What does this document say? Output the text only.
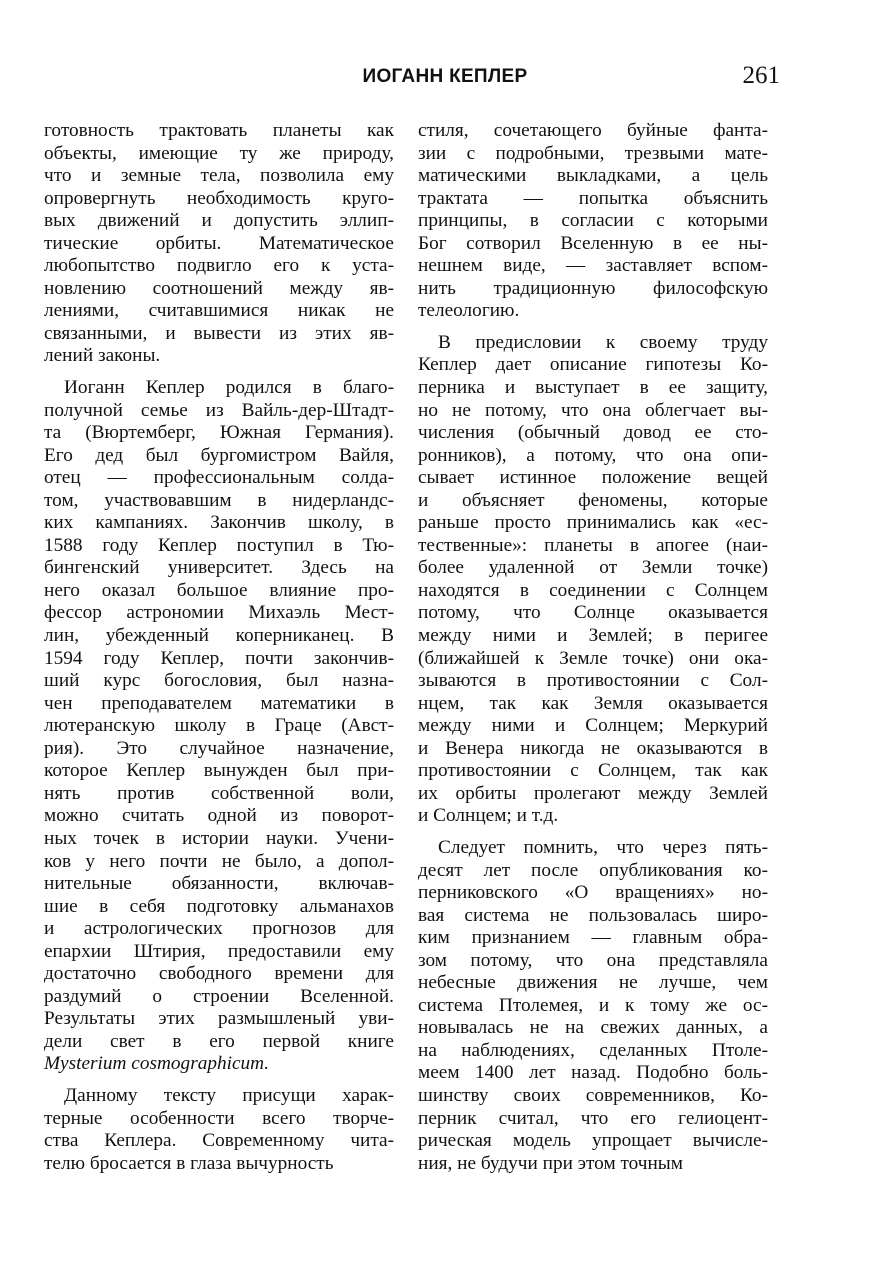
ИОГАНН КЕПЛЕР	261
готовность трактовать планеты как
объекты, имеющие ту же природу,
что и земные тела, позволила ему
опровергнуть необходимость круго-
вых движений и допустить эллип-
тические орбиты. Математическое
любопытство подвигло его к уста-
новлению соотношений между яв-
лениями, считавшимися никак не
связанными, и вывести из этих яв-
лений законы.
Иоганн Кеплер родился в благо-
получной семье из Вайль-дер-Штадт-
та (Вюртемберг, Южная Германия).
Его дед был бургомистром Вайля,
отец — профессиональным солда-
том, участвовавшим в нидерландс-
ких кампаниях. Закончив школу, в
1588 году Кеплер поступил в Тю-
бингенский университет. Здесь на
него оказал большое влияние про-
фессор астрономии Михаэль Мест-
лин, убежденный коперниканец. В
1594 году Кеплер, почти закончив-
ший курс богословия, был назна-
чен преподавателем математики в
лютеранскую школу в Граце (Авст-
рия). Это случайное назначение,
которое Кеплер вынужден был при-
нять против собственной воли,
можно считать одной из поворот-
ных точек в истории науки. Учени-
ков у него почти не было, а допол-
нительные обязанности, включав-
шие в себя подготовку альманахов
и астрологических прогнозов для
епархии Штирия, предоставили ему
достаточно свободного времени для
раздумий о строении Вселенной.
Результаты этих размышленый уви-
дели свет в его первой книге
Mysterium cosmographicum.
Данному тексту присущи харак-
терные особенности всего творче-
ства Кеплера. Современному чита-
телю бросается в глаза вычурность
стиля, сочетающего буйные фанта-
зии с подробными, трезвыми мате-
матическими выкладками, а цель
трактата — попытка объяснить
принципы, в согласии с которыми
Бог сотворил Вселенную в ее ны-
нешнем виде, — заставляет вспом-
нить традиционную философскую
телеологию.
В предисловии к своему труду
Кеплер дает описание гипотезы Ко-
перника и выступает в ее защиту,
но не потому, что она облегчает вы-
числения (обычный довод ее сто-
ронников), а потому, что она опи-
сывает истинное положение вещей
и объясняет феномены, которые
раньше просто принимались как «ес-
тественные»: планеты в апогее (наи-
более удаленной от Земли точке)
находятся в соединении с Солнцем
потому, что Солнце оказывается
между ними и Землей; в перигее
(ближайшей к Земле точке) они ока-
зываются в противостоянии с Сол-
нцем, так как Земля оказывается
между ними и Солнцем; Меркурий
и Венера никогда не оказываются в
противостоянии с Солнцем, так как
их орбиты пролегают между Землей
и Солнцем; и т.д.
Следует помнить, что через пять-
десят лет после опубликования ко-
перниковского «О вращениях» но-
вая система не пользовалась широ-
ким признанием — главным обра-
зом потому, что она представляла
небесные движения не лучше, чем
система Птолемея, и к тому же ос-
новывалась не на свежих данных, а
на наблюдениях, сделанных Птоле-
меем 1400 лет назад. Подобно боль-
шинству своих современников, Ко-
перник считал, что его гелиоцент-
рическая модель упрощает вычисле-
ния, не будучи при этом точным
